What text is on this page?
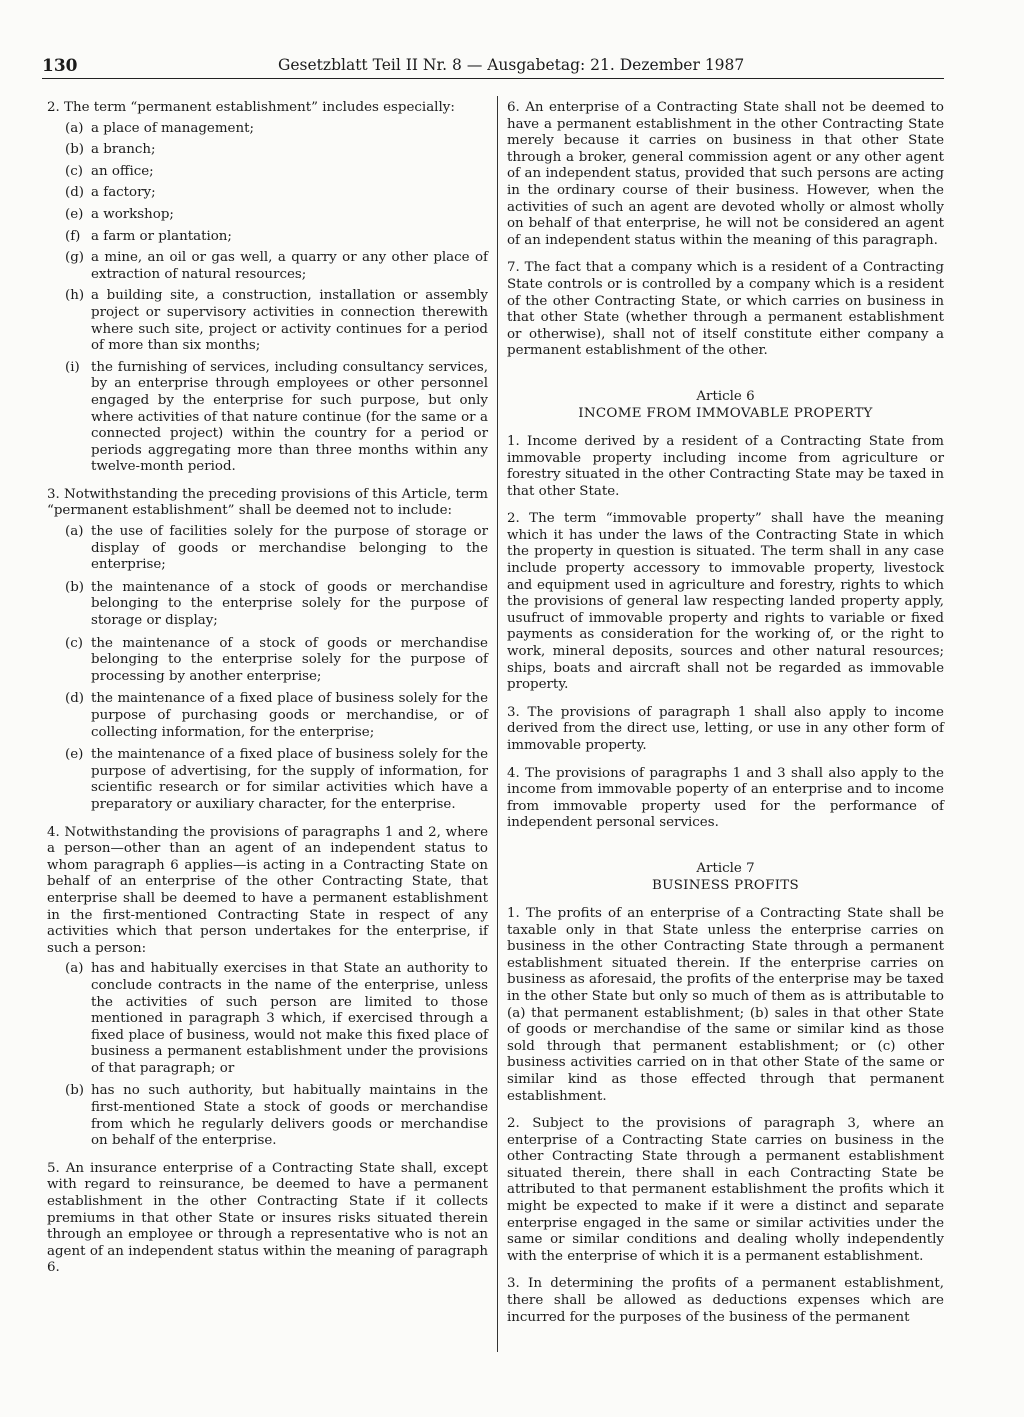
130	Gesetzblatt Teil II Nr. 8 — Ausgabetag: 21. Dezember 1987

2. The term “permanent establishment” includes especially:

(a) a place of management;
(b) a branch;
(c) an office;
(d) a factory;
(e) a workshop;
(f) a farm or plantation;
(g) a mine, an oil or gas well, a quarry or any other place of extraction of natural resources;
(h) a building site, a construction, installation or assembly project or supervisory activities in connection therewith where such site, project or activity continues for a period of more than six months;
(i) the furnishing of services, including consultancy services, by an enterprise through employees or other personnel engaged by the enterprise for such purpose, but only where activities of that nature continue (for the same or a connected project) within the country for a period or periods aggregating more than three months within any twelve-month period.

3. Notwithstanding the preceding provisions of this Article, term “permanent establishment” shall be deemed not to include:

(a) the use of facilities solely for the purpose of storage or display of goods or merchandise belonging to the enterprise;
(b) the maintenance of a stock of goods or merchandise belonging to the enterprise solely for the purpose of storage or display;
(c) the maintenance of a stock of goods or merchandise belonging to the enterprise solely for the purpose of processing by another enterprise;
(d) the maintenance of a fixed place of business solely for the purpose of purchasing goods or merchandise, or of collecting information, for the enterprise;
(e) the maintenance of a fixed place of business solely for the purpose of advertising, for the supply of information, for scientific research or for similar activities which have a preparatory or auxiliary character, for the enterprise.

4. Notwithstanding the provisions of paragraphs 1 and 2, where a person—other than an agent of an independent status to whom paragraph 6 applies—is acting in a Contracting State on behalf of an enterprise of the other Contracting State, that enterprise shall be deemed to have a permanent establishment in the first-mentioned Contracting State in respect of any activities which that person undertakes for the enterprise, if such a person:

(a) has and habitually exercises in that State an authority to conclude contracts in the name of the enterprise, unless the activities of such person are limited to those mentioned in paragraph 3 which, if exercised through a fixed place of business, would not make this fixed place of business a permanent establishment under the provisions of that paragraph; or
(b) has no such authority, but habitually maintains in the first-mentioned State a stock of goods or merchandise from which he regularly delivers goods or merchandise on behalf of the enterprise.

5. An insurance enterprise of a Contracting State shall, except with regard to reinsurance, be deemed to have a permanent establishment in the other Contracting State if it collects premiums in that other State or insures risks situated therein through an employee or through a representative who is not an agent of an independent status within the meaning of paragraph 6.

6. An enterprise of a Contracting State shall not be deemed to have a permanent establishment in the other Contracting State merely because it carries on business in that other State through a broker, general commission agent or any other agent of an independent status, provided that such persons are acting in the ordinary course of their business. However, when the activities of such an agent are devoted wholly or almost wholly on behalf of that enterprise, he will not be considered an agent of an independent status within the meaning of this paragraph.

7. The fact that a company which is a resident of a Contracting State controls or is controlled by a company which is a resident of the other Contracting State, or which carries on business in that other State (whether through a permanent establishment or otherwise), shall not of itself constitute either company a permanent establishment of the other.

Article 6
INCOME FROM IMMOVABLE PROPERTY

1. Income derived by a resident of a Contracting State from immovable property including income from agriculture or forestry situated in the other Contracting State may be taxed in that other State.

2. The term “immovable property” shall have the meaning which it has under the laws of the Contracting State in which the property in question is situated. The term shall in any case include property accessory to immovable property, livestock and equipment used in agriculture and forestry, rights to which the provisions of general law respecting landed property apply, usufruct of immovable property and rights to variable or fixed payments as consideration for the working of, or the right to work, mineral deposits, sources and other natural resources; ships, boats and aircraft shall not be regarded as immovable property.

3. The provisions of paragraph 1 shall also apply to income derived from the direct use, letting, or use in any other form of immovable property.

4. The provisions of paragraphs 1 and 3 shall also apply to the income from immovable poperty of an enterprise and to income from immovable property used for the performance of independent personal services.

Article 7
BUSINESS PROFITS

1. The profits of an enterprise of a Contracting State shall be taxable only in that State unless the enterprise carries on business in the other Contracting State through a permanent establishment situated therein. If the enterprise carries on business as aforesaid, the profits of the enterprise may be taxed in the other State but only so much of them as is attributable to (a) that permanent establishment; (b) sales in that other State of goods or merchandise of the same or similar kind as those sold through that permanent establishment; or (c) other business activities carried on in that other State of the same or similar kind as those effected through that permanent establishment.

2. Subject to the provisions of paragraph 3, where an enterprise of a Contracting State carries on business in the other Contracting State through a permanent establishment situated therein, there shall in each Contracting State be attributed to that permanent establishment the profits which it might be expected to make if it were a distinct and separate enterprise engaged in the same or similar activities under the same or similar conditions and dealing wholly independently with the enterprise of which it is a permanent establishment.

3. In determining the profits of a permanent establishment, there shall be allowed as deductions expenses which are incurred for the purposes of the business of the permanent
